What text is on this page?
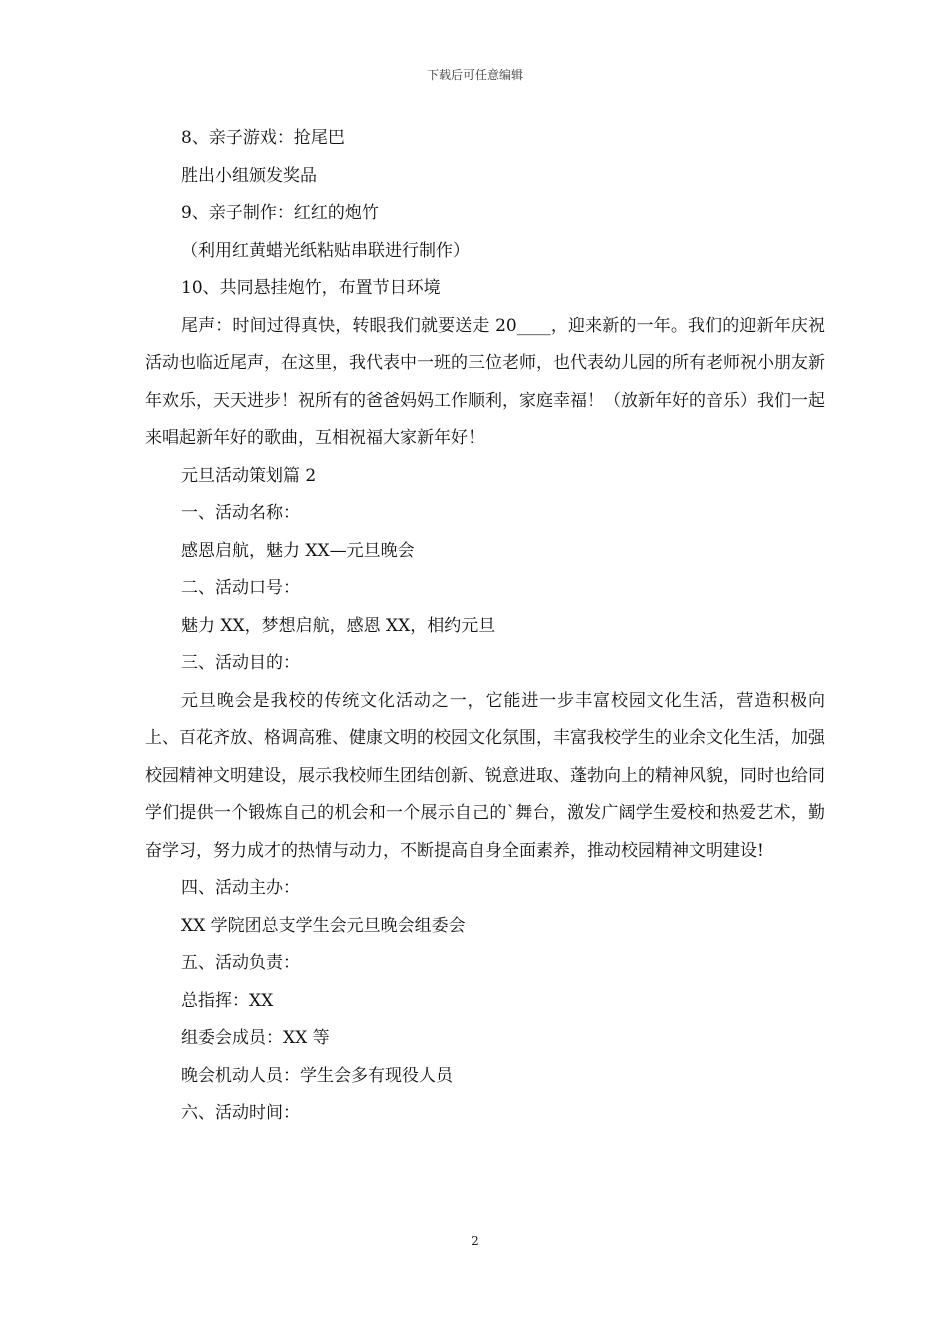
下载后可任意编辑
8、亲子游戏：抢尾巴
胜出小组颁发奖品
9、亲子制作：红红的炮竹
（利用红黄蜡光纸粘贴串联进行制作）
10、共同悬挂炮竹，布置节日环境

尾声：时间过得真快，转眼我们就要送走 20____，迎来新的一年。我们的迎新年庆祝活动也临近尾声，在这里，我代表中一班的三位老师，也代表幼儿园的所有老师祝小朋友新年欢乐，天天进步！祝所有的爸爸妈妈工作顺利，家庭幸福！（放新年好的音乐）我们一起来唱起新年好的歌曲，互相祝福大家新年好！

元旦活动策划篇 2
一、活动名称：
感恩启航，魅力 XX—元旦晚会
二、活动口号：
魅力 XX，梦想启航，感恩 XX，相约元旦
三、活动目的：

元旦晚会是我校的传统文化活动之一，它能进一步丰富校园文化生活，营造积极向上、百花齐放、格调高雅、健康文明的校园文化氛围，丰富我校学生的业余文化生活，加强校园精神文明建设，展示我校师生团结创新、锐意进取、蓬勃向上的精神风貌，同时也给同学们提供一个锻炼自己的机会和一个展示自己的`舞台，激发广阔学生爱校和热爱艺术，勤奋学习，努力成才的热情与动力，不断提高自身全面素养，推动校园精神文明建设!

四、活动主办：
XX 学院团总支学生会元旦晚会组委会
五、活动负责：
总指挥：XX
组委会成员：XX 等
晚会机动人员：学生会多有现役人员
六、活动时间：
2
